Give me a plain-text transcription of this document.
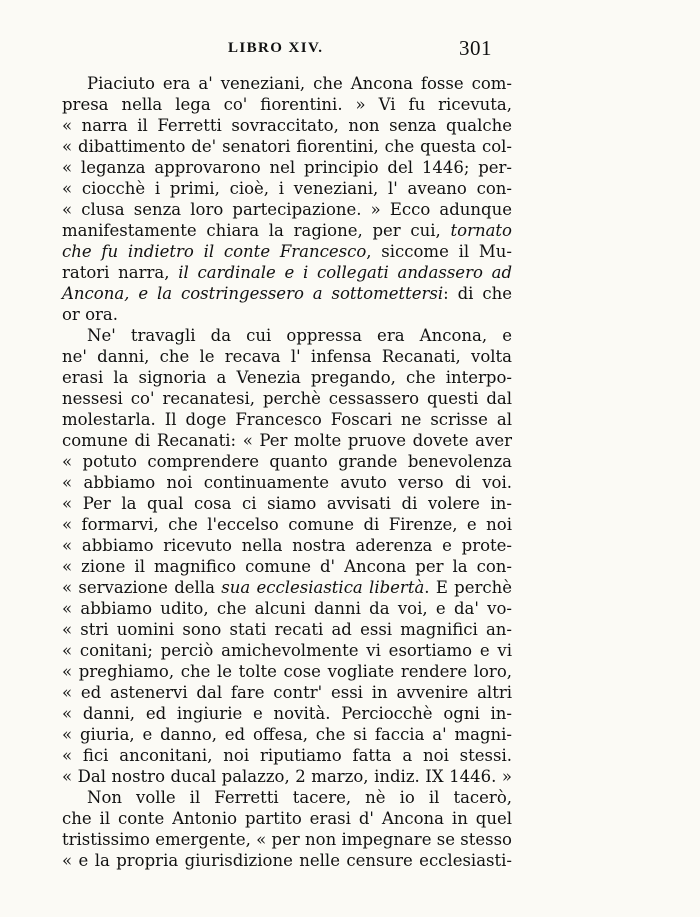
LIBRO XIV.	301
Piaciuto era a' veneziani, che Ancona fosse com-
presa nella lega co' fiorentini. » Vi fu ricevuta,
« narra il Ferretti sovraccitato, non senza qualche
« dibattimento de' senatori fiorentini, che questa col-
« leganza approvarono nel principio del 1446; per-
« ciocchè i primi, cioè, i veneziani, l' aveano con-
« clusa senza loro partecipazione. » Ecco adunque
manifestamente chiara la ragione, per cui, tornato
che fu indietro il conte Francesco, siccome il Mu-
ratori narra, il cardinale e i collegati andassero ad
Ancona, e la costringessero a sottomettersi: di che
or ora.
Ne' travagli da cui oppressa era Ancona, e
ne' danni, che le recava l' infensa Recanati, volta
erasi la signoria a Venezia pregando, che interpo-
nessesi co' recanatesi, perchè cessassero questi dal
molestarla. Il doge Francesco Foscari ne scrisse al
comune di Recanati: « Per molte pruove dovete aver
« potuto comprendere quanto grande benevolenza
« abbiamo noi continuamente avuto verso di voi.
« Per la qual cosa ci siamo avvisati di volere in-
« formarvi, che l'eccelso comune di Firenze, e noi
« abbiamo ricevuto nella nostra aderenza e prote-
« zione il magnifico comune d' Ancona per la con-
« servazione della sua ecclesiastica libertà. E perchè
« abbiamo udito, che alcuni danni da voi, e da' vo-
« stri uomini sono stati recati ad essi magnifici an-
« conitani; perciò amichevolmente vi esortiamo e vi
« preghiamo, che le tolte cose vogliate rendere loro,
« ed astenervi dal fare contr' essi in avvenire altri
« danni, ed ingiurie e novità. Perciocchè ogni in-
« giuria, e danno, ed offesa, che si faccia a' magni-
« fici anconitani, noi riputiamo fatta a noi stessi.
« Dal nostro ducal palazzo, 2 marzo, indiz. IX 1446. »
Non volle il Ferretti tacere, nè io il tacerò,
che il conte Antonio partito erasi d' Ancona in quel
tristissimo emergente, « per non impegnare se stesso
« e la propria giurisdizione nelle censure ecclesiasti-
